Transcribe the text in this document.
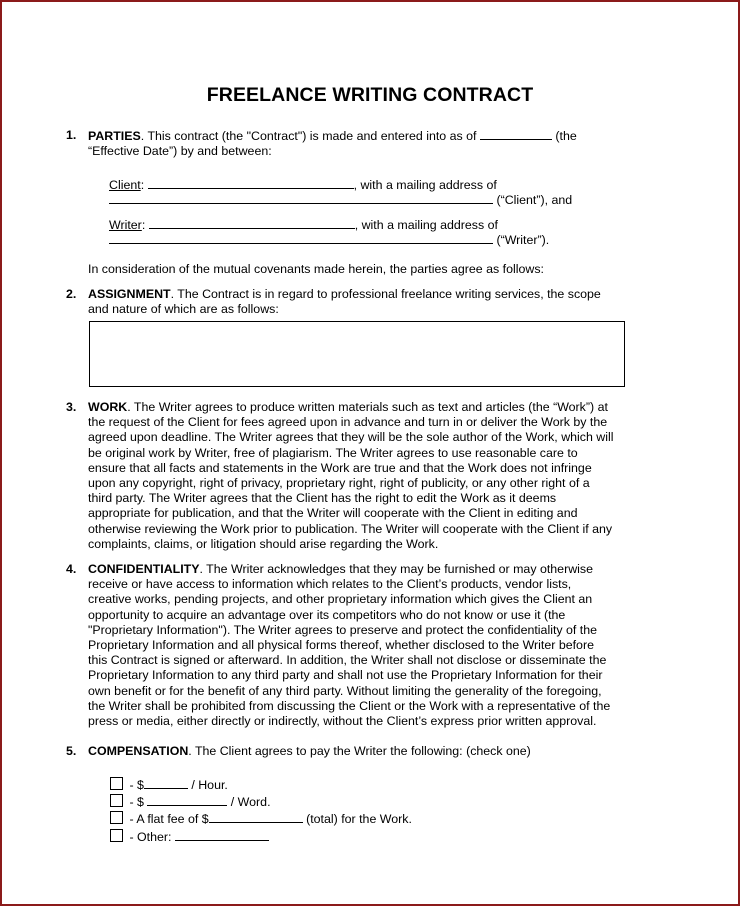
FREELANCE WRITING CONTRACT
1. PARTIES. This contract (the "Contract") is made and entered into as of	(the
“Effective Date”) by and between:
Client:	, with a mailing address of
(“Client”), and
Writer:	, with a mailing address of
(“Writer”).
In consideration of the mutual covenants made herein, the parties agree as follows:
2. ASSIGNMENT. The Contract is in regard to professional freelance writing services, the scope
and nature of which are as follows:
3. WORK. The Writer agrees to produce written materials such as text and articles (the “Work”) at
the request of the Client for fees agreed upon in advance and turn in or deliver the Work by the
agreed upon deadline. The Writer agrees that they will be the sole author of the Work, which will
be original work by Writer, free of plagiarism. The Writer agrees to use reasonable care to
ensure that all facts and statements in the Work are true and that the Work does not infringe
upon any copyright, right of privacy, proprietary right, right of publicity, or any other right of a
third party. The Writer agrees that the Client has the right to edit the Work as it deems
appropriate for publication, and that the Writer will cooperate with the Client in editing and
otherwise reviewing the Work prior to publication. The Writer will cooperate with the Client if any
complaints, claims, or litigation should arise regarding the Work.
4. CONFIDENTIALITY. The Writer acknowledges that they may be furnished or may otherwise
receive or have access to information which relates to the Client’s products, vendor lists,
creative works, pending projects, and other proprietary information which gives the Client an
opportunity to acquire an advantage over its competitors who do not know or use it (the
"Proprietary Information"). The Writer agrees to preserve and protect the confidentiality of the
Proprietary Information and all physical forms thereof, whether disclosed to the Writer before
this Contract is signed or afterward. In addition, the Writer shall not disclose or disseminate the
Proprietary Information to any third party and shall not use the Proprietary Information for their
own benefit or for the benefit of any third party. Without limiting the generality of the foregoing,
the Writer shall be prohibited from discussing the Client or the Work with a representative of the
press or media, either directly or indirectly, without the Client’s express prior written approval.
5. COMPENSATION. The Client agrees to pay the Writer the following: (check one)
- $	/ Hour.
- $	/ Word.
- A flat fee of $	(total) for the Work.
- Other:
